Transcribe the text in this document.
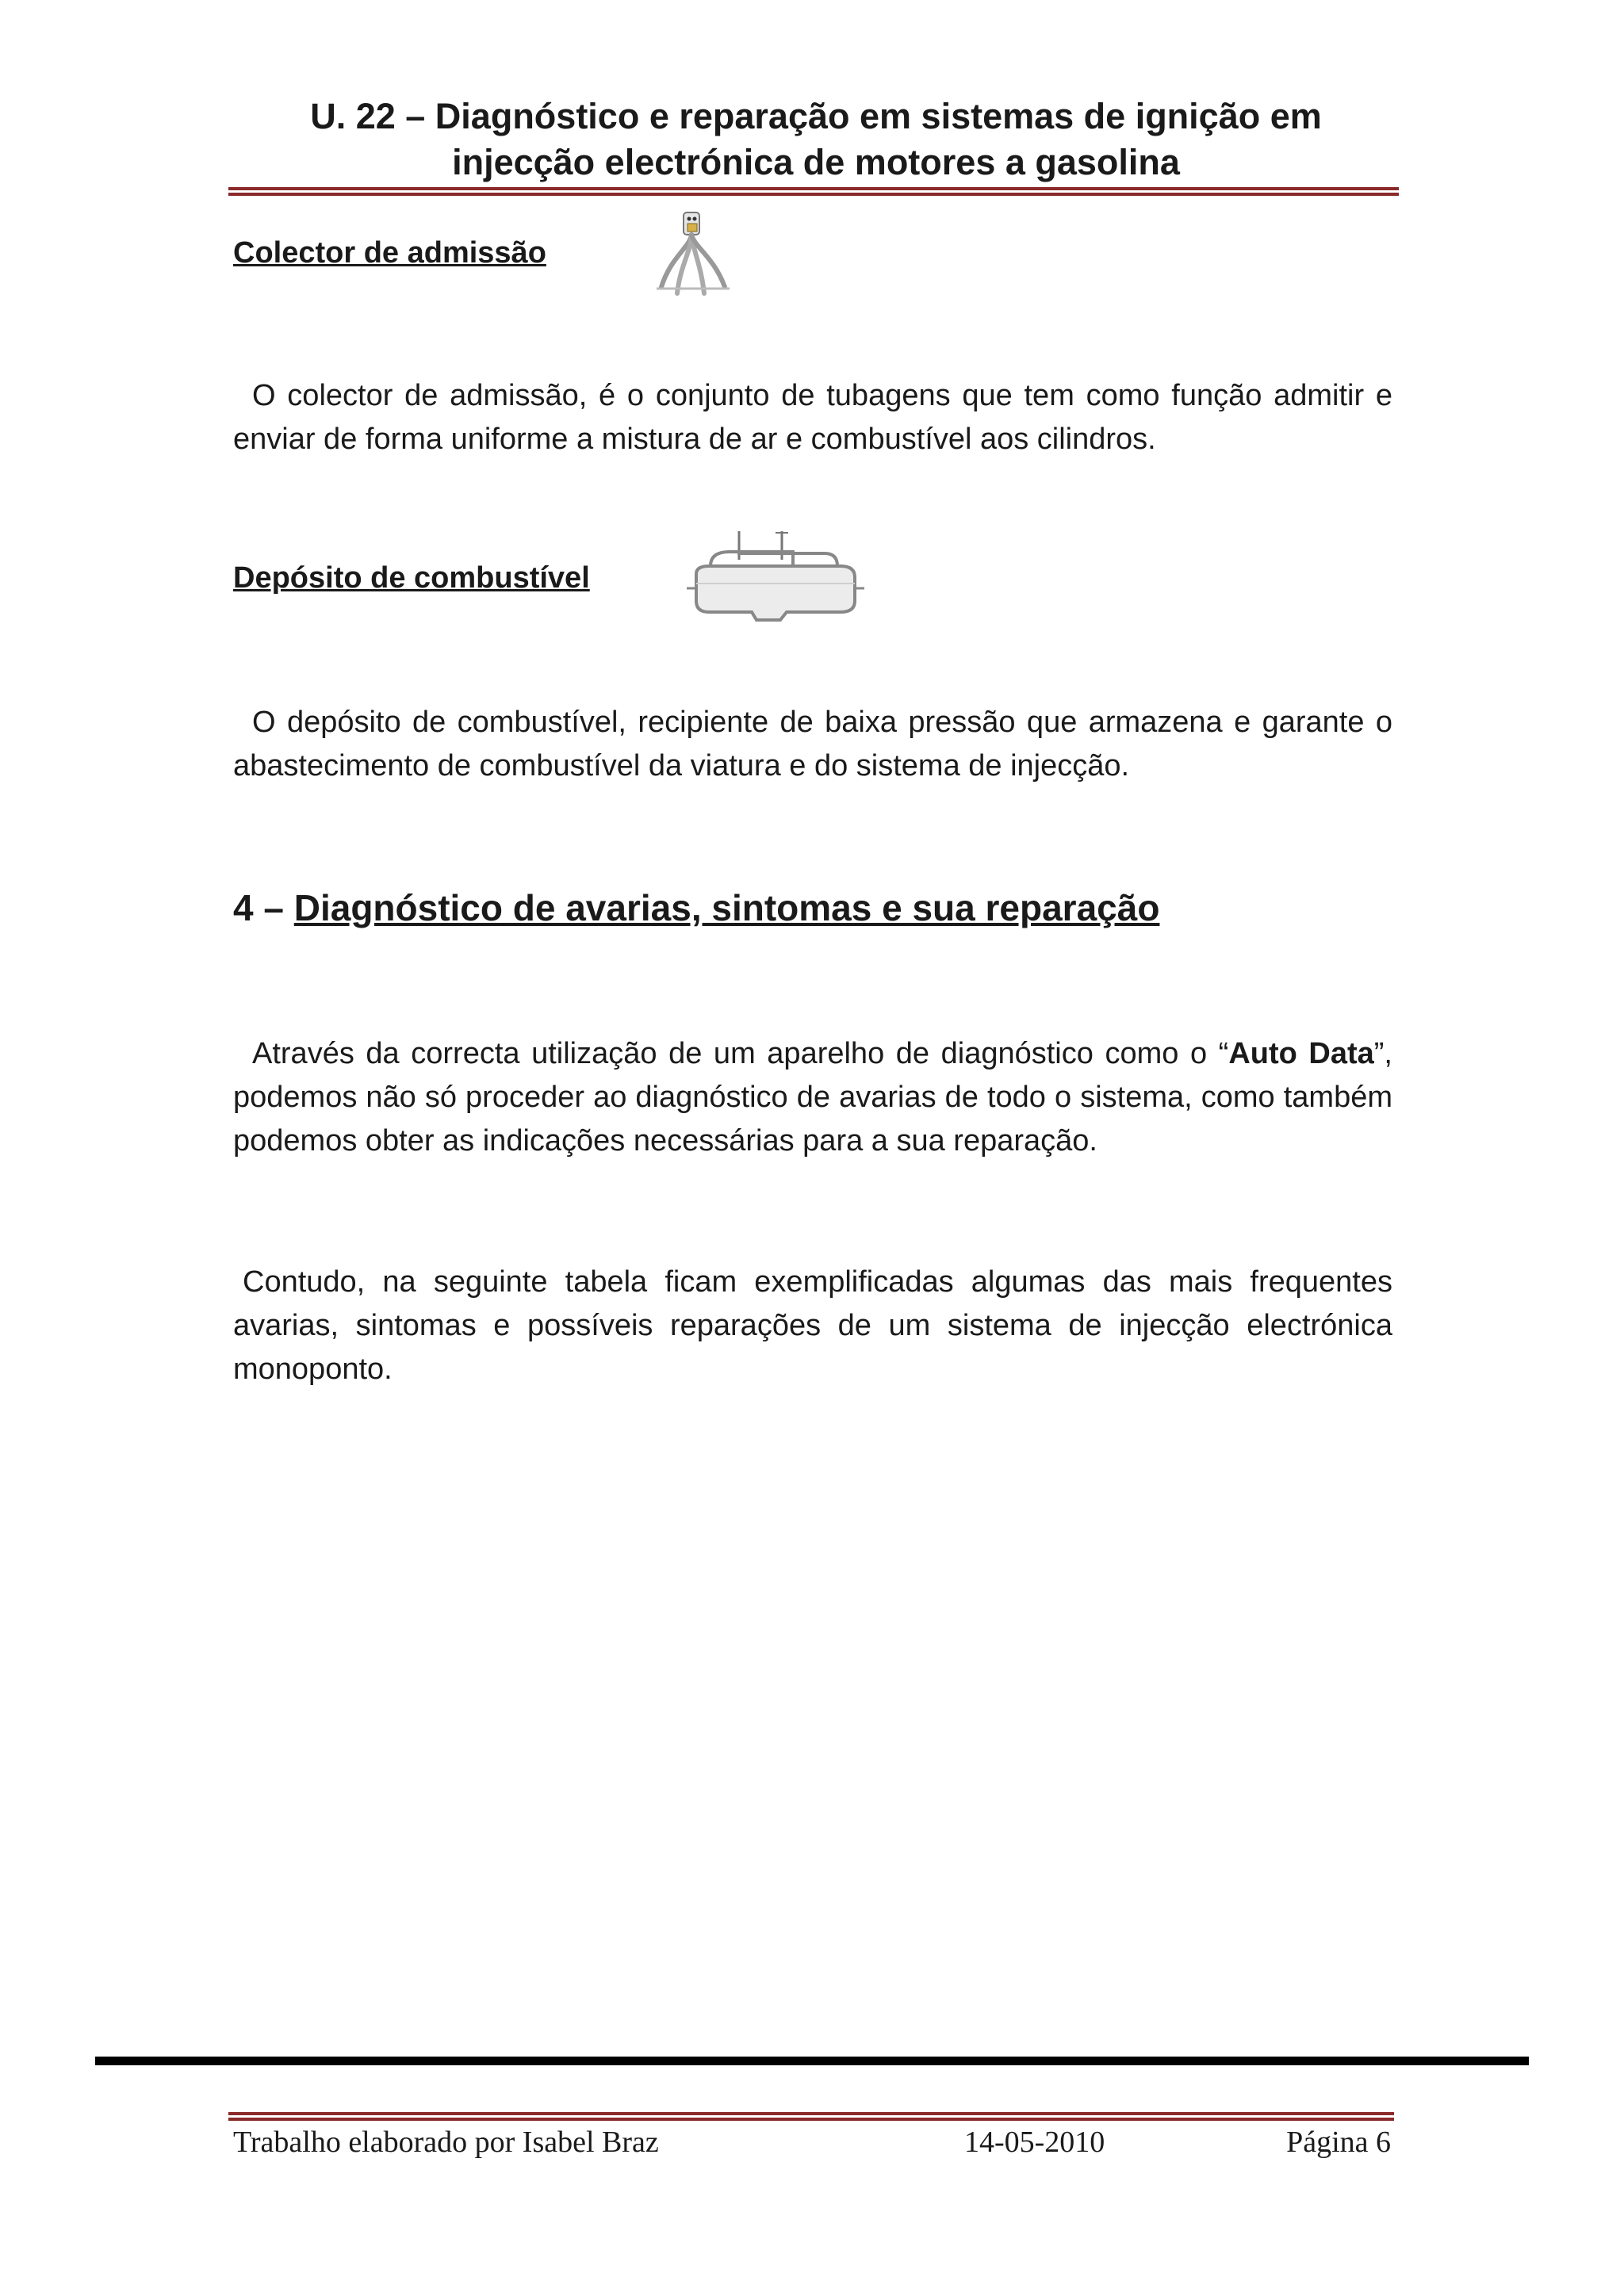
U. 22 – Diagnóstico e reparação em sistemas de ignição em
injecção electrónica de motores a gasolina
Colector de admissão

O colector de admissão, é o conjunto de tubagens que tem como função admitir e enviar de forma uniforme a mistura de ar e combustível aos cilindros.

Depósito de combustível

O depósito de combustível, recipiente de baixa pressão que armazena e garante o abastecimento de combustível da viatura e do sistema de injecção.

4 – Diagnóstico de avarias, sintomas e sua reparação

Através da correcta utilização de um aparelho de diagnóstico como o “Auto Data”, podemos não só proceder ao diagnóstico de avarias de todo o sistema, como também podemos obter as indicações necessárias para a sua reparação.

Contudo, na seguinte tabela ficam exemplificadas algumas das mais frequentes avarias, sintomas e possíveis reparações de um sistema de injecção electrónica monoponto.

Trabalho elaborado por Isabel Braz	14-05-2010	Página 6
